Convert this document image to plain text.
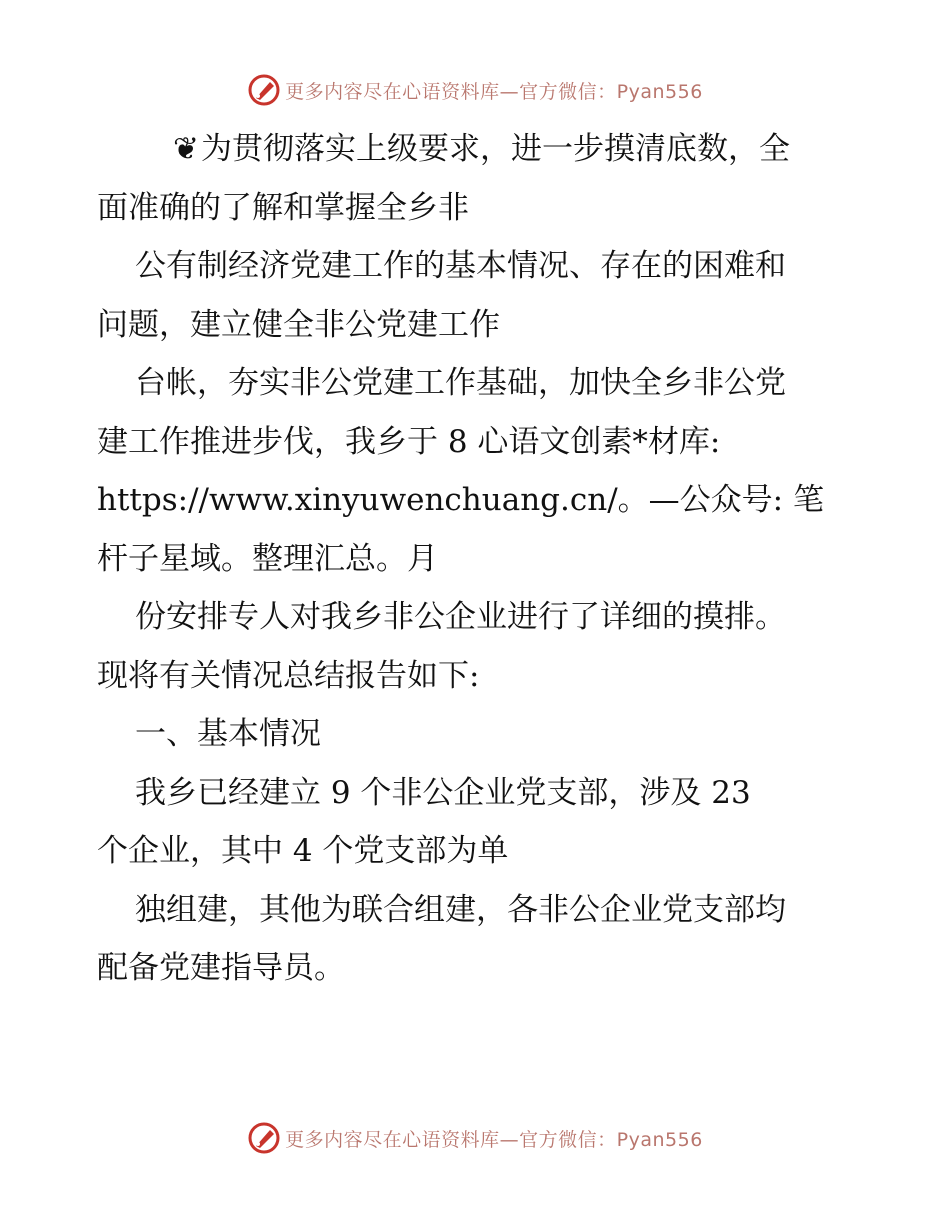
更多内容尽在心语资料库—官方微信：Pyan556

❦为贯彻落实上级要求，进一步摸清底数，全

面准确的了解和掌握全乡非

公有制经济党建工作的基本情况、存在的困难和

问题，建立健全非公党建工作

台帐，夯实非公党建工作基础，加快全乡非公党

建工作推进步伐，我乡于 8 心语文创素*材库:

https://www.xinyuwenchuang.cn/。—公众号: 笔

杆子星域。整理汇总。月

份安排专人对我乡非公企业进行了详细的摸排。

现将有关情况总结报告如下:

一、基本情况

我乡已经建立 9 个非公企业党支部，涉及 23

个企业，其中 4 个党支部为单

独组建，其他为联合组建，各非公企业党支部均

配备党建指导员。

更多内容尽在心语资料库—官方微信：Pyan556
